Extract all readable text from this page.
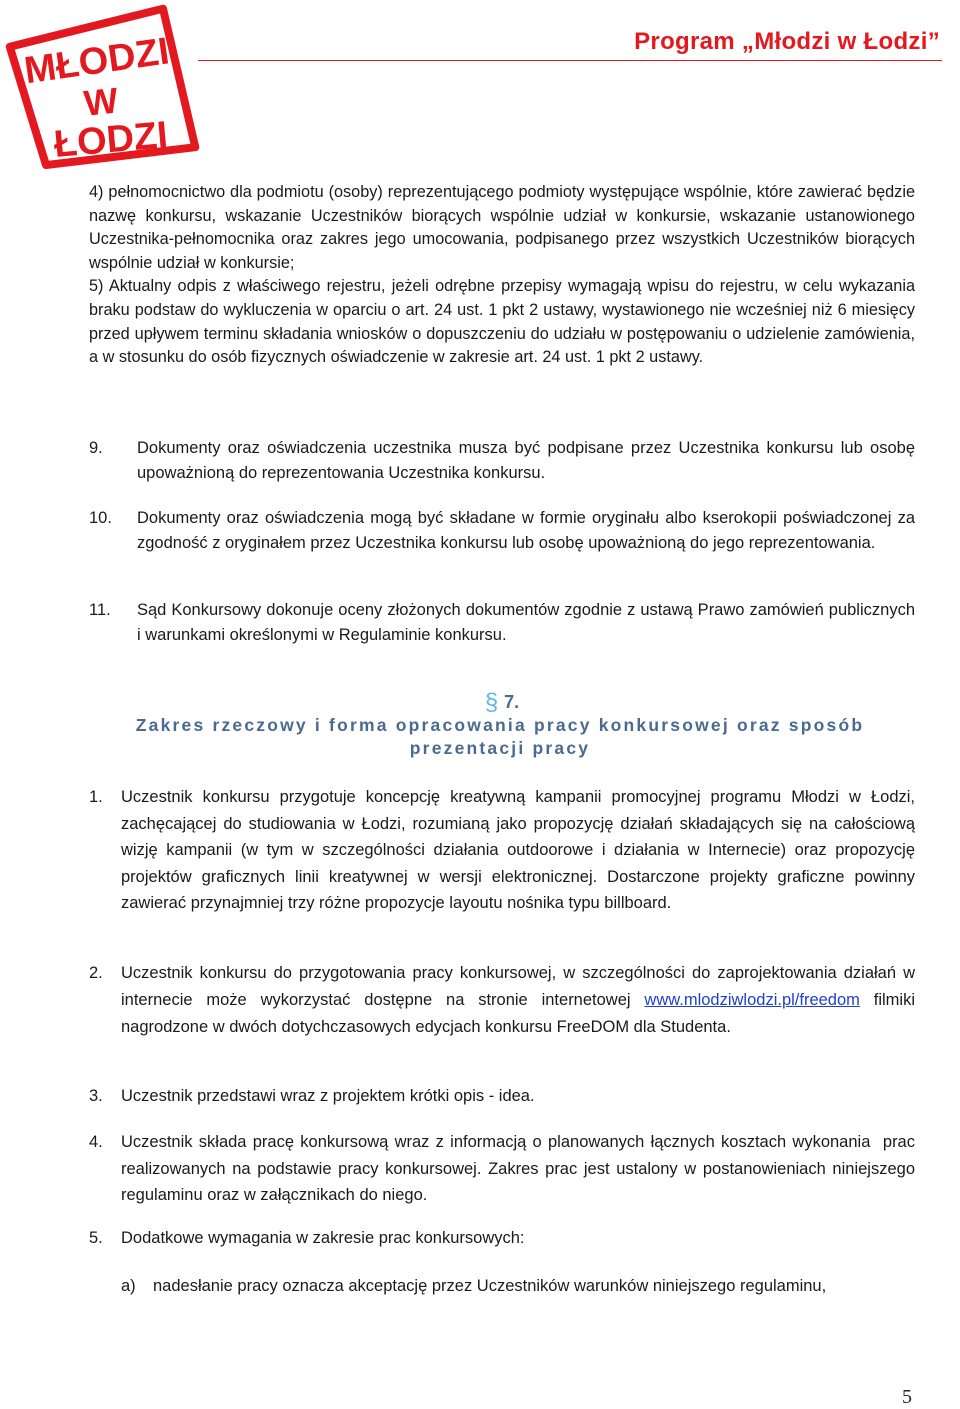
MŁODZI
W
ŁODZI
Program „Młodzi w Łodzi”

4) pełnomocnictwo dla podmiotu (osoby) reprezentującego podmioty występujące wspólnie, które zawierać będzie nazwę konkursu, wskazanie Uczestników biorących wspólnie udział w konkursie, wskazanie ustanowionego Uczestnika-pełnomocnika oraz zakres jego umocowania, podpisanego przez wszystkich Uczestników biorących wspólnie udział w konkursie;

5) Aktualny odpis z właściwego rejestru, jeżeli odrębne przepisy wymagają wpisu do rejestru, w celu wykazania braku podstaw do wykluczenia w oparciu o art. 24 ust. 1 pkt 2 ustawy, wystawionego nie wcześniej niż 6 miesięcy przed upływem terminu składania wniosków o dopuszczeniu do udziału w postępowaniu o udzielenie zamówienia, a w stosunku do osób fizycznych oświadczenie w zakresie art. 24 ust. 1 pkt 2 ustawy.

9.	Dokumenty oraz oświadczenia uczestnika musza być podpisane przez Uczestnika konkursu lub osobę upoważnioną do reprezentowania Uczestnika konkursu.
10.	Dokumenty oraz oświadczenia mogą być składane w formie oryginału albo kserokopii poświadczonej za zgodność z oryginałem przez Uczestnika konkursu lub osobę upoważnioną do jego reprezentowania.
11.	Sąd Konkursowy dokonuje oceny złożonych dokumentów zgodnie z ustawą Prawo zamówień publicznych i warunkami określonymi w Regulaminie konkursu.
§ 7.
Zakres rzeczowy i forma opracowania pracy konkursowej oraz sposób prezentacji pracy
1.	Uczestnik konkursu przygotuje koncepcję kreatywną kampanii promocyjnej programu Młodzi w Łodzi, zachęcającej do studiowania w Łodzi, rozumianą jako propozycję działań składających się na całościową wizję kampanii (w tym w szczególności działania outdoorowe i działania w Internecie) oraz propozycję projektów graficznych linii kreatywnej w wersji elektronicznej. Dostarczone projekty graficzne powinny zawierać przynajmniej trzy różne propozycje layoutu nośnika typu billboard.
2.	Uczestnik konkursu do przygotowania pracy konkursowej, w szczególności do zaprojektowania działań w internecie może wykorzystać dostępne na stronie internetowej www.mlodziwlodzi.pl/freedom filmiki nagrodzone w dwóch dotychczasowych edycjach konkursu FreeDOM dla Studenta.
3.	Uczestnik przedstawi wraz z projektem krótki opis - idea.
4.	Uczestnik składa pracę konkursową wraz z informacją o planowanych łącznych kosztach wykonania  prac realizowanych na podstawie pracy konkursowej. Zakres prac jest ustalony w postanowieniach niniejszego regulaminu oraz w załącznikach do niego.
5.	Dodatkowe wymagania w zakresie prac konkursowych:
a)	nadesłanie pracy oznacza akceptację przez Uczestników warunków niniejszego regulaminu,
5
